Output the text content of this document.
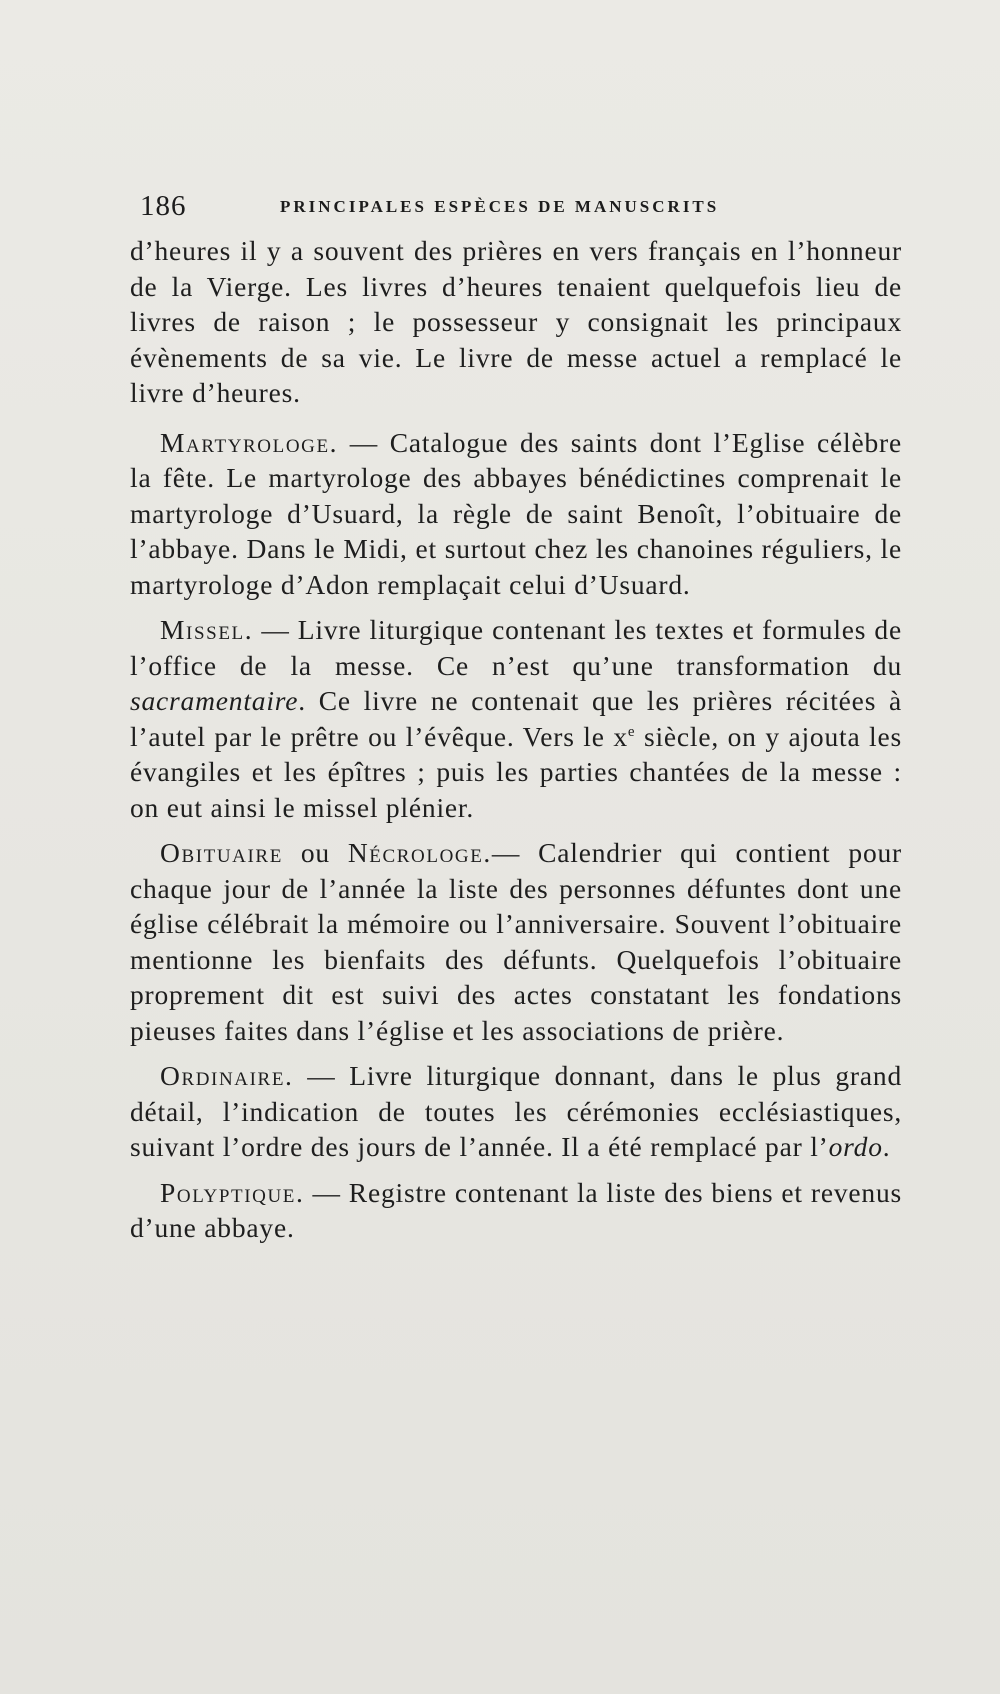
186	PRINCIPALES ESPÈCES DE MANUSCRITS

d’heures il y a souvent des prières en vers français en l’honneur de la Vierge. Les livres d’heures tenaient quelquefois lieu de livres de raison ; le possesseur y consignait les principaux évènements de sa vie. Le livre de messe actuel a remplacé le livre d’heures.

Martyrologe. — Catalogue des saints dont l’Eglise célèbre la fête. Le martyrologe des abbayes bénédictines comprenait le martyrologe d’Usuard, la règle de saint Benoît, l’obituaire de l’abbaye. Dans le Midi, et surtout chez les chanoines réguliers, le martyrologe d’Adon remplaçait celui d’Usuard.

Missel. — Livre liturgique contenant les textes et formules de l’office de la messe. Ce n’est qu’une transformation du sacramentaire. Ce livre ne contenait que les prières récitées à l’autel par le prêtre ou l’évêque. Vers le $x^e$ siècle, on y ajouta les évangiles et les épîtres ; puis les parties chantées de la messe : on eut ainsi le missel plénier.

Obituaire ou Nécrologe.— Calendrier qui contient pour chaque jour de l’année la liste des personnes défuntes dont une église célébrait la mémoire ou l’anniversaire. Souvent l’obituaire mentionne les bienfaits des défunts. Quelquefois l’obituaire proprement dit est suivi des actes constatant les fondations pieuses faites dans l’église et les associations de prière.

Ordinaire. — Livre liturgique donnant, dans le plus grand détail, l’indication de toutes les cérémonies ecclésiastiques, suivant l’ordre des jours de l’année. Il a été remplacé par l’ordo.

Polyptique. — Registre contenant la liste des biens et revenus d’une abbaye.
